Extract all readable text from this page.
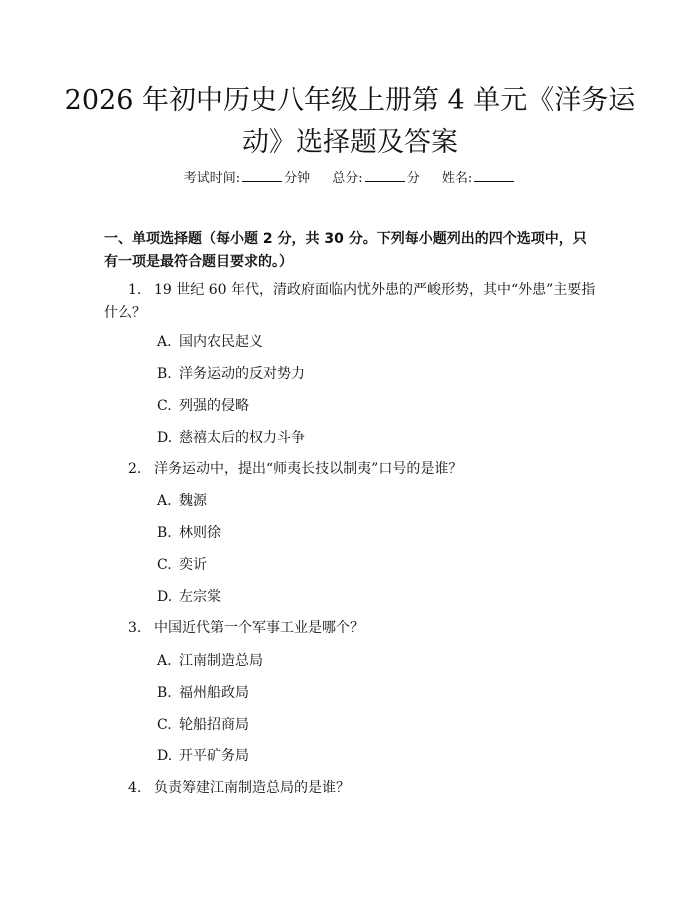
2026 年初中历史八年级上册第 4 单元《洋务运动》选择题及答案
考试时间:	分钟 总分:	分 姓名:

一、单项选择题（每小题 2 分，共 30 分。下列每小题列出的四个选项中，只有一项是最符合题目要求的。）

1. 19 世纪 60 年代，清政府面临内忧外患的严峻形势，其中“外患”主要指什么？

A. 国内农民起义
B. 洋务运动的反对势力
C. 列强的侵略
D. 慈禧太后的权力斗争

2. 洋务运动中，提出“师夷长技以制夷”口号的是谁？

A. 魏源
B. 林则徐
C. 奕䜣
D. 左宗棠

3. 中国近代第一个军事工业是哪个？

A. 江南制造总局
B. 福州船政局
C. 轮船招商局
D. 开平矿务局

4. 负责筹建江南制造总局的是谁？
